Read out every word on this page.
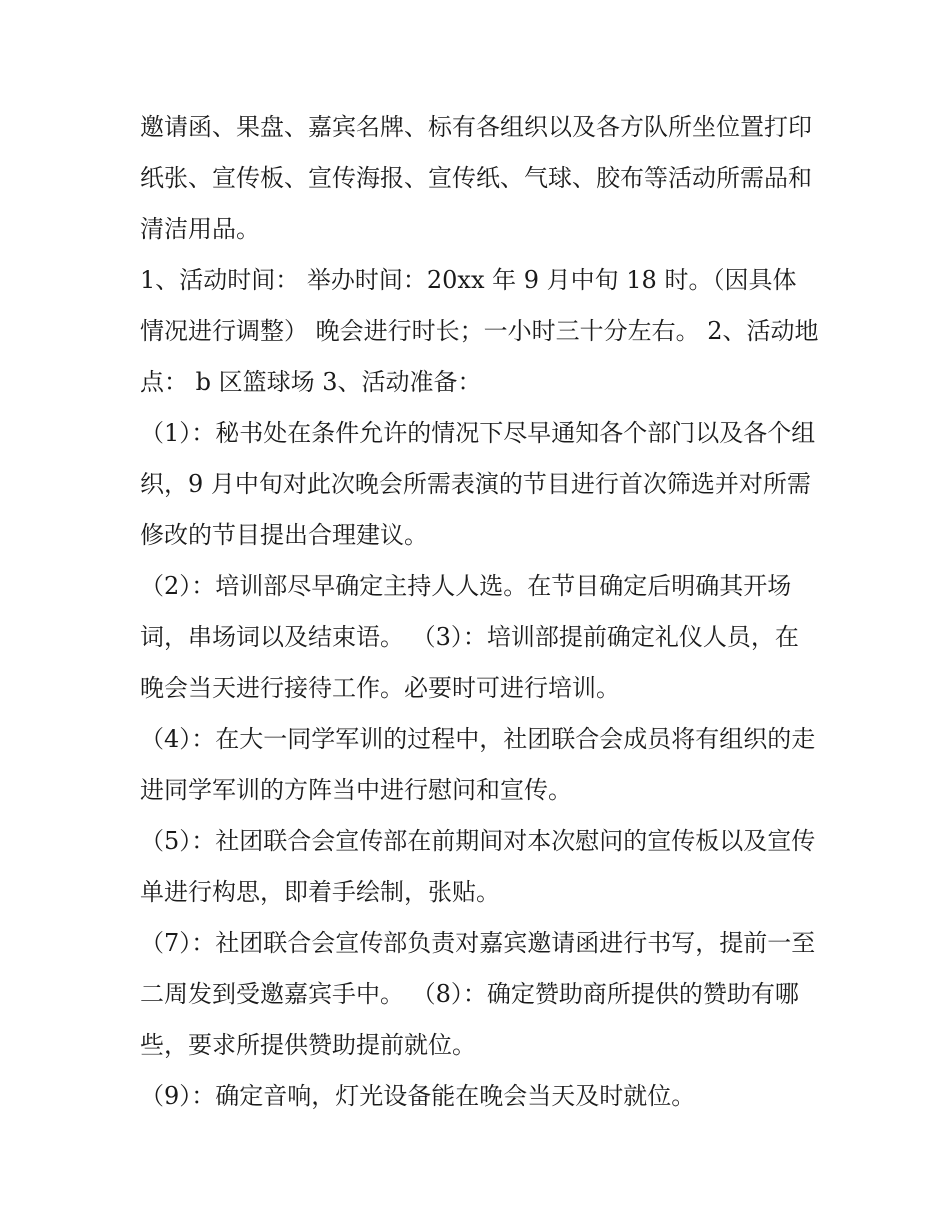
邀请函、果盘、嘉宾名牌、标有各组织以及各方队所坐位置打印纸张、宣传板、宣传海报、宣传纸、气球、胶布等活动所需品和清洁用品。

1、活动时间： 举办时间：20xx 年 9 月中旬 18 时。（因具体情况进行调整） 晚会进行时长；一小时三十分左右。 2、活动地点： b 区篮球场 3、活动准备：

（1）：秘书处在条件允许的情况下尽早通知各个部门以及各个组织，9 月中旬对此次晚会所需表演的节目进行首次筛选并对所需修改的节目提出合理建议。

（2）：培训部尽早确定主持人人选。在节目确定后明确其开场词，串场词以及结束语。 （3）：培训部提前确定礼仪人员，在晚会当天进行接待工作。必要时可进行培训。

（4）：在大一同学军训的过程中，社团联合会成员将有组织的走进同学军训的方阵当中进行慰问和宣传。

（5）：社团联合会宣传部在前期间对本次慰问的宣传板以及宣传单进行构思，即着手绘制，张贴。

（7）：社团联合会宣传部负责对嘉宾邀请函进行书写，提前一至二周发到受邀嘉宾手中。 （8）：确定赞助商所提供的赞助有哪些，要求所提供赞助提前就位。

（9）：确定音响，灯光设备能在晚会当天及时就位。
